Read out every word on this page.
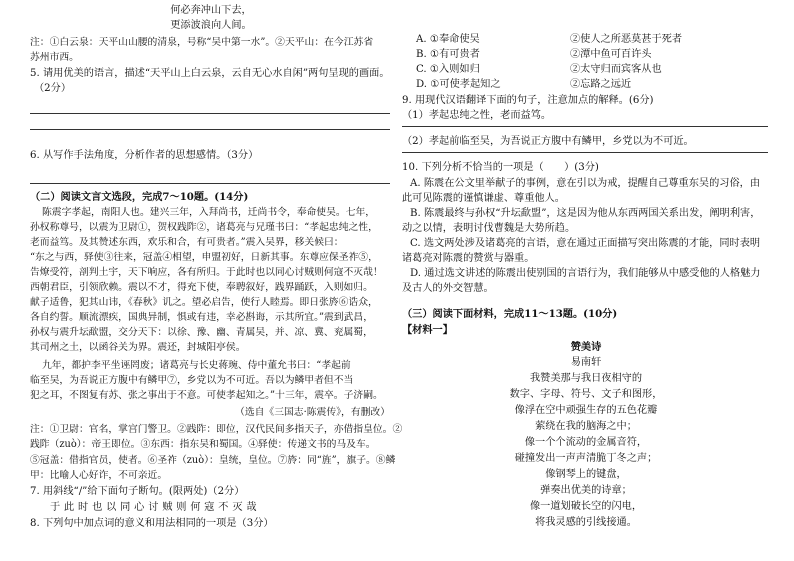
何必奔冲山下去，
更添波浪向人间。
注：①白云泉：天平山山腰的清泉，号称“吴中第一水”。②天平山：在今江苏省
苏州市西。
5. 请用优美的语言，描述“天平山上白云泉，云自无心水自闲”两句呈现的画面。
（2分）
6. 从写作手法角度，分析作者的思想感情。（3分）
（二）阅读文言文选段，完成7～10题。(14分)
陈震字孝起，南阳人也。建兴三年，入拜尚书，迁尚书令，奉命使吴。七年，
孙权称尊号，以震为卫尉①，贺权践阼②，诸葛亮与兄瑾书曰：“孝起忠纯之性，
老而益笃。及其赞述东西，欢乐和合，有可贵者。”震入吴界，移关候曰：
“东之与西，驿使③往来，冠盖④相望，申盟初好，日新其事。东尊应保圣祚⑤，
告燎受符，剖判土宇，天下响应，各有所归。于此时也以同心讨贼则何寇不灭哉！
西朝君臣，引领欣赖。震以不才，得充下使，奉聘叙好，践界踊跃，入则如归。
献子适鲁，犯其山讳，《春秋》讥之。望必启告，使行人睦焉。即日张旍⑥诰众，
各自约誓。顺流漂疾，国典异制，惧或有违，幸必斟诲，示其所宜。”震到武昌，
孙权与震升坛歃盟，交分天下：以徐、豫、幽、青属吴，并、凉、冀、兖属蜀，
其司州之土，以函谷关为界。震还，封城阳亭侯。
九年，都护李平坐诬罔废；诸葛亮与长史蒋琬、侍中董允书曰：“孝起前
临至吴，为吾说正方腹中有鳞甲⑦，乡党以为不可近。吾以为鳞甲者但不当
犯之耳，不图复有苏、张之事出于不意。可使孝起知之。”十三年，震卒。子济嗣。
（选自《三国志·陈震传》，有删改）
注：①卫尉：官名，掌宫门警卫。②践阼：即位，汉代民间多指天子，亦借指皇位。②
践阼（zuò）：帝王即位。③东西：指东吴和蜀国。④驿使：传递文书的马及车。
⑤冠盖：借指官员，使者。⑥圣祚（zuò）：皇统，皇位。⑦旍：同“旌”，旗子。⑧鳞
甲：比喻人心好诈，不可亲近。
7. 用斜线“/”给下面句子断句。(限两处)（2分）
于 此 时 也 以 同 心 讨 贼 则 何 寇 不 灭 哉
8. 下列句中加点词的意义和用法相同的一项是（3分）
A. ①奉命使吴	②使人之所恶莫甚于死者
B. ①有可贵者	②潭中鱼可百许头
C. ①入则如归	②太守归而宾客从也
D. ①可使孝起知之	②忘路之远近
9. 用现代汉语翻译下面的句子，注意加点的解释。(6分)
（1）孝起忠纯之性，老而益笃。
（2）孝起前临至吴，为吾说正方腹中有鳞甲，乡党以为不可近。
10. 下列分析不恰当的一项是（　　）(3分)
A. 陈震在公文里举献子的事例，意在引以为戒，提醒自己尊重东吴的习俗，由
此可见陈震的谨慎谦虚、尊重他人。
B. 陈震最终与孙权“升坛歃盟”，这是因为他从东西两国关系出发，阐明利害，
动之以情，表明讨伐曹魏是大势所趋。
C. 选文两处涉及诸葛亮的言语，意在通过正面描写突出陈震的才能，同时表明
诸葛亮对陈震的赞赏与器重。
D. 通过选文讲述的陈震出使别国的言语行为，我们能够从中感受他的人格魅力
及古人的外交智慧。
（三）阅读下面材料，完成11～13题。(10分)
【材料一】
赞美诗
易南轩
我赞美那与我日夜相守的
数字、字母、符号、文子和图形，
像浮在空中顽强生存的五色花瓣
萦绕在我的脑海之中；
像一个个流动的金属音符，
碰撞发出一声声清脆丁冬之声；
像钢琴上的键盘，
弹奏出优美的诗章；
像一道划破长空的闪电，
将我灵感的引线接通。
